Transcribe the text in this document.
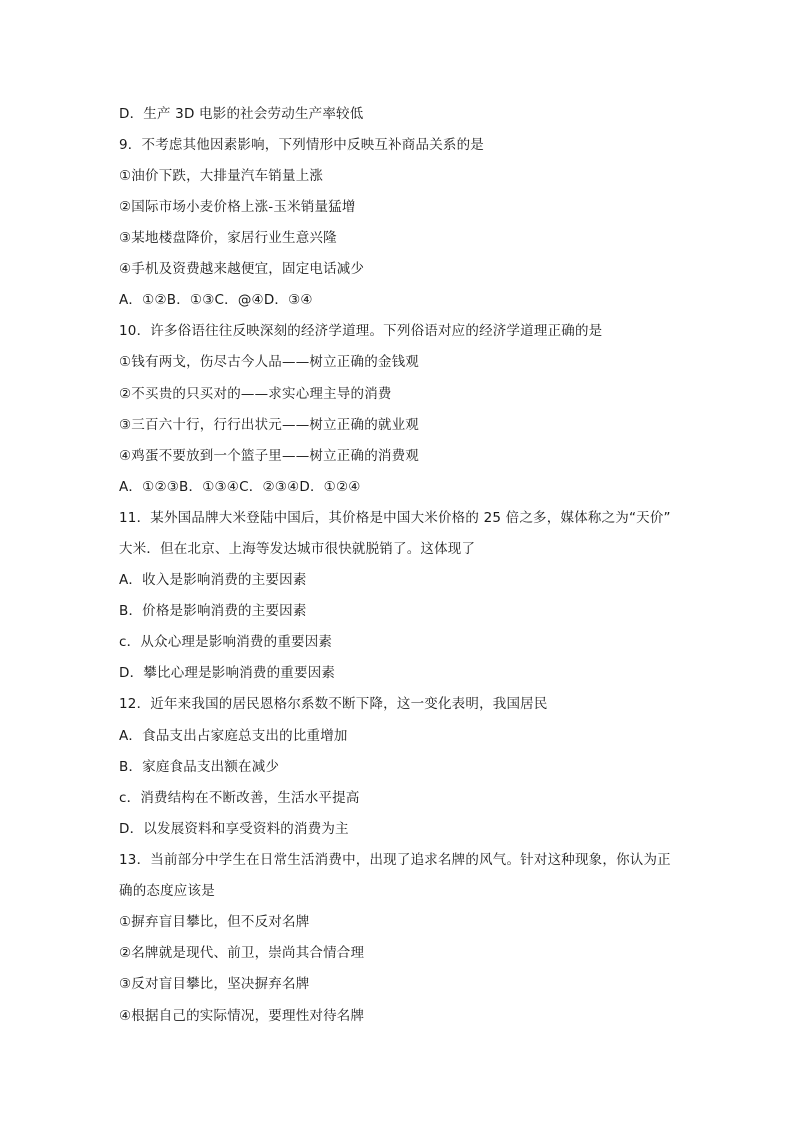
D．生产 3D 电影的社会劳动生产率较低
9．不考虑其他因素影响，下列情形中反映互补商品关系的是
①油价下跌，大排量汽车销量上涨
②国际市场小麦价格上涨-玉米销量猛增
③某地楼盘降价，家居行业生意兴隆
④手机及资费越来越便宜，固定电话减少
A．①②B．①③C．@④D．③④
10．许多俗语往往反映深刻的经济学道理。下列俗语对应的经济学道理正确的是
①钱有两戈，伤尽古今人品——树立正确的金钱观
②不买贵的只买对的——求实心理主导的消费
③三百六十行，行行出状元——树立正确的就业观
④鸡蛋不要放到一个篮子里——树立正确的消费观
A．①②③B．①③④C．②③④D．①②④
11．某外国品牌大米登陆中国后，其价格是中国大米价格的 25 倍之多，媒体称之为“天价”
大米．但在北京、上海等发达城市很快就脱销了。这体现了
A．收入是影响消费的主要因素
B．价格是影响消费的主要因素
c．从众心理是影响消费的重要因素
D．攀比心理是影响消费的重要因素
12．近年来我国的居民恩格尔系数不断下降，这一变化表明，我国居民
A．食品支出占家庭总支出的比重增加
B．家庭食品支出额在减少
c．消费结构在不断改善，生活水平提高
D．以发展资料和享受资料的消费为主
13．当前部分中学生在日常生活消费中，出现了追求名牌的风气。针对这种现象，你认为正
确的态度应该是
①摒弃盲目攀比，但不反对名牌
②名牌就是现代、前卫，崇尚其合情合理
③反对盲目攀比，坚决摒弃名牌
④根据自己的实际情况，要理性对待名牌
